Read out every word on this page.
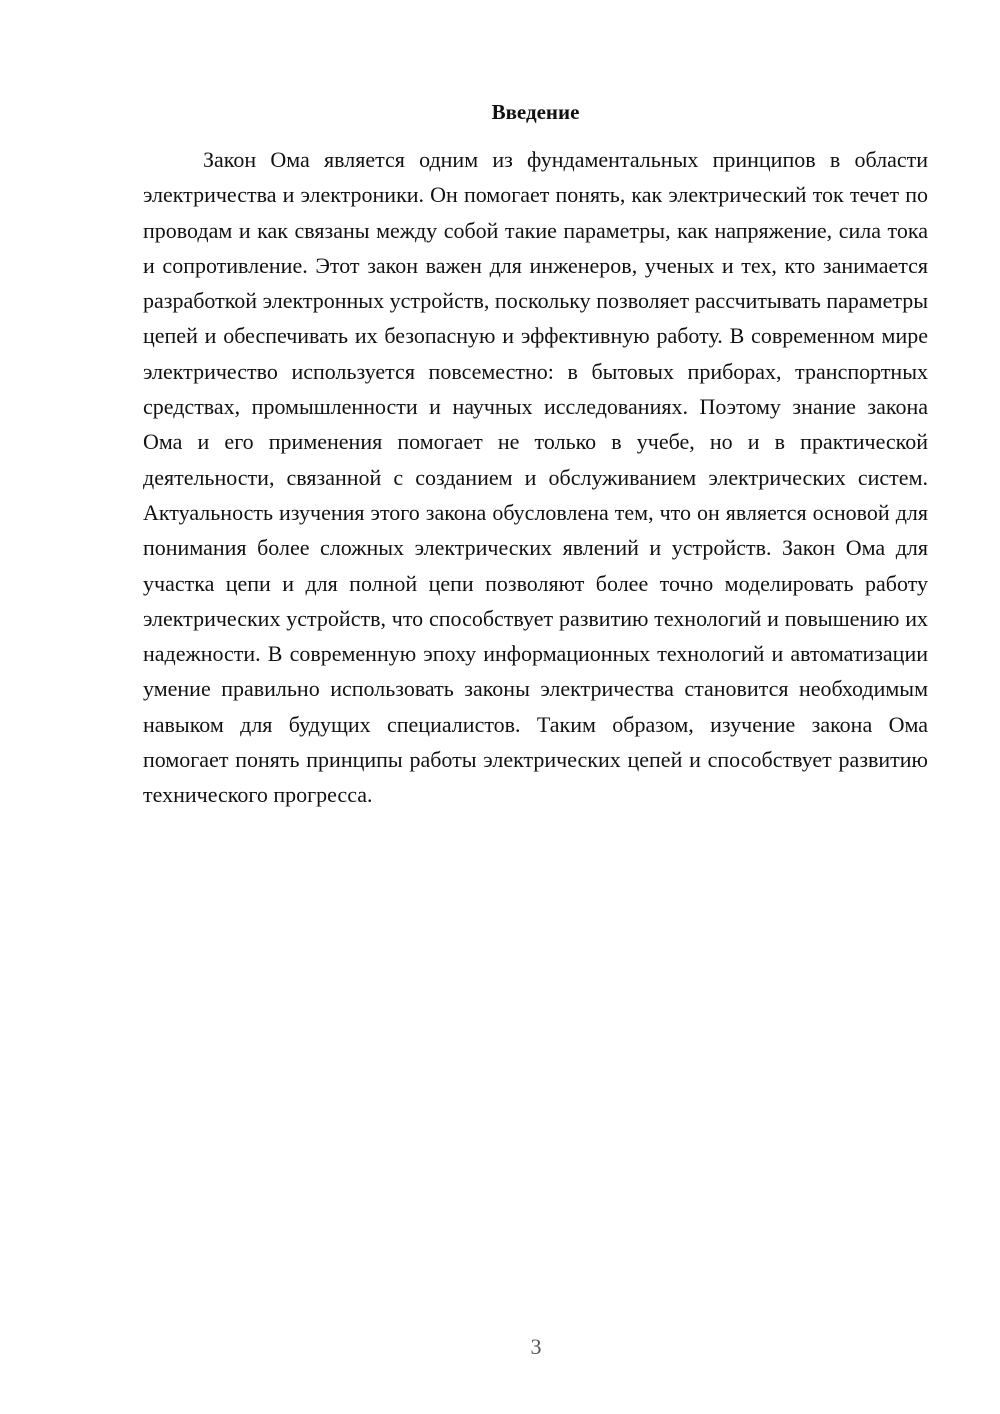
Введение

Закон Ома является одним из фундаментальных принципов в области электричества и электроники. Он помогает понять, как электрический ток течет по проводам и как связаны между собой такие параметры, как напряжение, сила тока и сопротивление. Этот закон важен для инженеров, ученых и тех, кто занимается разработкой электронных устройств, поскольку позволяет рассчитывать параметры цепей и обеспечивать их безопасную и эффективную работу. В современном мире электричество используется повсеместно: в бытовых приборах, транспортных средствах, промышленности и научных исследованиях. Поэтому знание закона Ома и его применения помогает не только в учебе, но и в практической деятельности, связанной с созданием и обслуживанием электрических систем. Актуальность изучения этого закона обусловлена тем, что он является основой для понимания более сложных электрических явлений и устройств. Закон Ома для участка цепи и для полной цепи позволяют более точно моделировать работу электрических устройств, что способствует развитию технологий и повышению их надежности. В современную эпоху информационных технологий и автоматизации умение правильно использовать законы электричества становится необходимым навыком для будущих специалистов. Таким образом, изучение закона Ома помогает понять принципы работы электрических цепей и способствует развитию технического прогресса.

3
